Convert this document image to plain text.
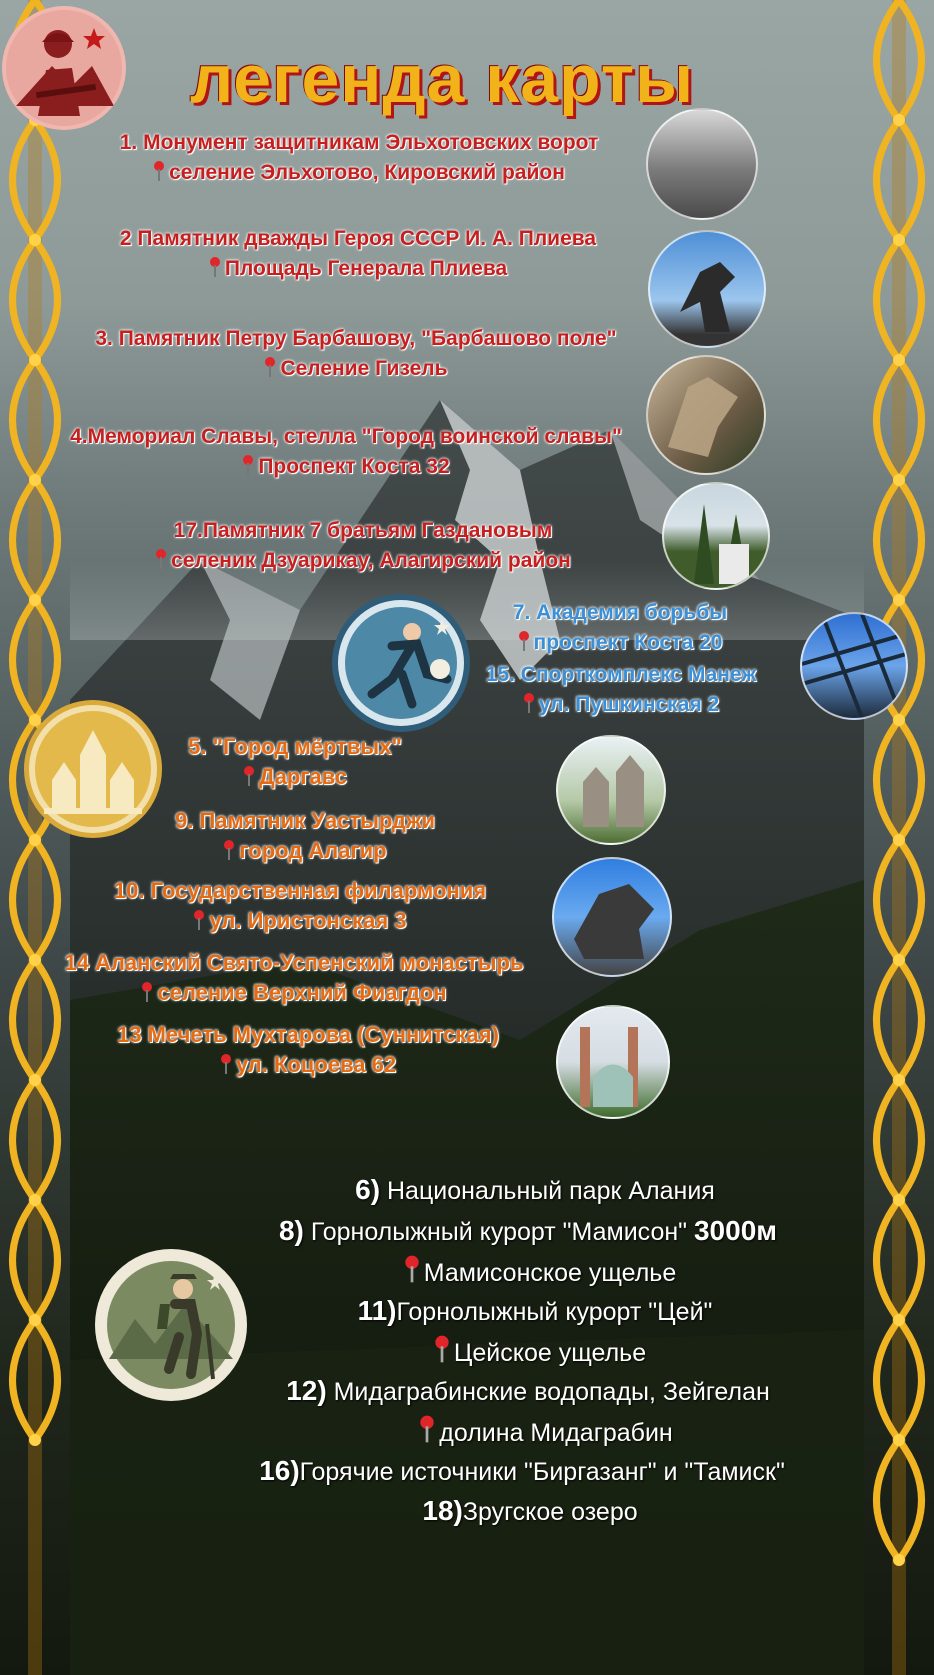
легенда карты
1. Монумент защитникам Эльхотовских ворот
селение Эльхотово, Кировский район
2 Памятник дважды Героя СССР И. А. Плиева
Площадь Генерала Плиева
3. Памятник Петру Барбашову, "Барбашово поле"
Селение Гизель
4.Мемориал Славы, стелла "Город воинской славы"
Проспект Коста 32
17.Памятник 7 братьям Газдановым
селеник Дзуарикау, Алагирский район
7. Академия борьбы
проспект Коста 20
15. Спорткомплекс Манеж
ул. Пушкинская 2
5. "Город мёртвых"
Даргавс
9. Памятник Уастырджи
город Алагир
10. Государственная филармония
ул. Иристонская 3
14 Аланский Свято-Успенский монастырь
селение Верхний Фиагдон
13 Мечеть Мухтарова (Суннитская)
ул. Коцоева 62
6) Национальный парк Алания
8) Горнолыжный курорт "Мамисон" 3000м
Мамисонское ущелье
11)Горнолыжный курорт "Цей"
Цейское ущелье
12) Мидаграбинские водопады, Зейгелан
долина Мидаграбин
16)Горячие источники "Биргазанг" и "Тамиск"
18)Зругское озеро
